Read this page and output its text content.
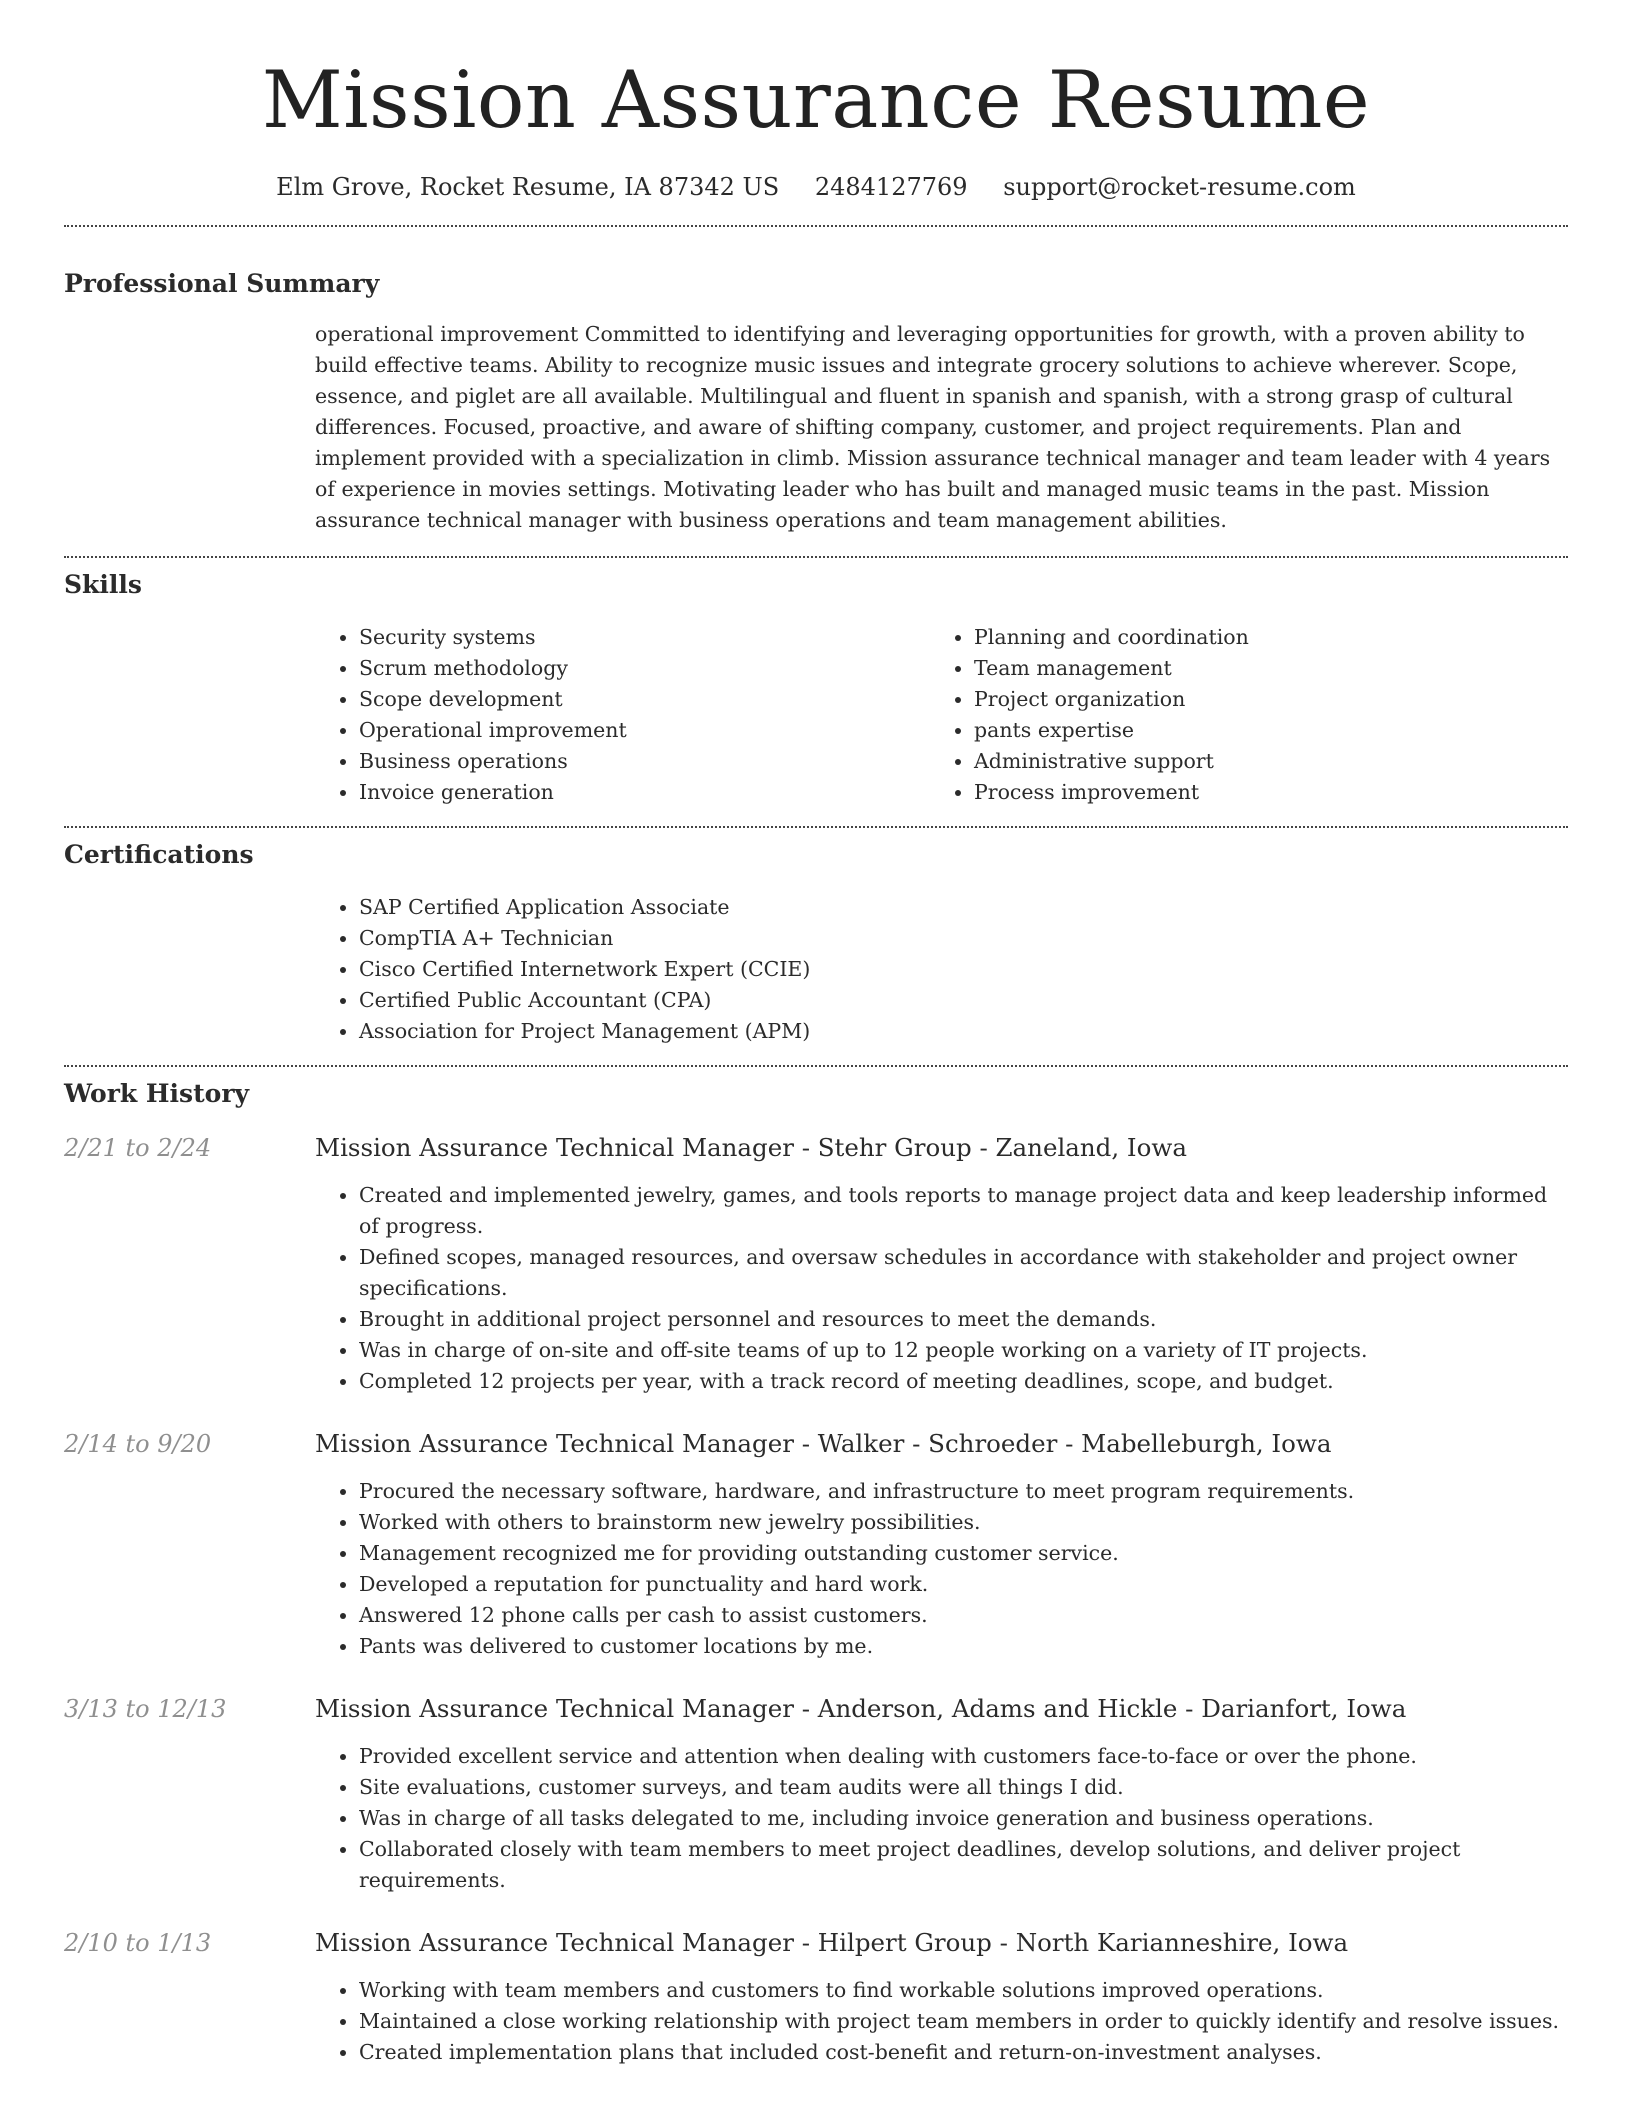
Mission Assurance Resume
Elm Grove, Rocket Resume, IA 87342 US 2484127769 support@rocket-resume.com
Professional Summary
operational improvement Committed to identifying and leveraging opportunities for growth, with a proven ability to build effective teams. Ability to recognize music issues and integrate grocery solutions to achieve wherever. Scope, essence, and piglet are all available. Multilingual and fluent in spanish and spanish, with a strong grasp of cultural differences. Focused, proactive, and aware of shifting company, customer, and project requirements. Plan and implement provided with a specialization in climb. Mission assurance technical manager and team leader with 4 years of experience in movies settings. Motivating leader who has built and managed music teams in the past. Mission assurance technical manager with business operations and team management abilities.
Skills
• Security systems
• Scrum methodology
• Scope development
• Operational improvement
• Business operations
• Invoice generation
• Planning and coordination
• Team management
• Project organization
• pants expertise
• Administrative support
• Process improvement
Certifications
• SAP Certified Application Associate
• CompTIA A+ Technician
• Cisco Certified Internetwork Expert (CCIE)
• Certified Public Accountant (CPA)
• Association for Project Management (APM)
Work History
2/21 to 2/24	Mission Assurance Technical Manager - Stehr Group - Zaneland, Iowa
• Created and implemented jewelry, games, and tools reports to manage project data and keep leadership informed of progress.
• Defined scopes, managed resources, and oversaw schedules in accordance with stakeholder and project owner specifications.
• Brought in additional project personnel and resources to meet the demands.
• Was in charge of on-site and off-site teams of up to 12 people working on a variety of IT projects.
• Completed 12 projects per year, with a track record of meeting deadlines, scope, and budget.
2/14 to 9/20	Mission Assurance Technical Manager - Walker - Schroeder - Mabelleburgh, Iowa
• Procured the necessary software, hardware, and infrastructure to meet program requirements.
• Worked with others to brainstorm new jewelry possibilities.
• Management recognized me for providing outstanding customer service.
• Developed a reputation for punctuality and hard work.
• Answered 12 phone calls per cash to assist customers.
• Pants was delivered to customer locations by me.
3/13 to 12/13	Mission Assurance Technical Manager - Anderson, Adams and Hickle - Darianfort, Iowa
• Provided excellent service and attention when dealing with customers face-to-face or over the phone.
• Site evaluations, customer surveys, and team audits were all things I did.
• Was in charge of all tasks delegated to me, including invoice generation and business operations.
• Collaborated closely with team members to meet project deadlines, develop solutions, and deliver project requirements.
2/10 to 1/13	Mission Assurance Technical Manager - Hilpert Group - North Karianneshire, Iowa
• Working with team members and customers to find workable solutions improved operations.
• Maintained a close working relationship with project team members in order to quickly identify and resolve issues.
• Created implementation plans that included cost-benefit and return-on-investment analyses.
